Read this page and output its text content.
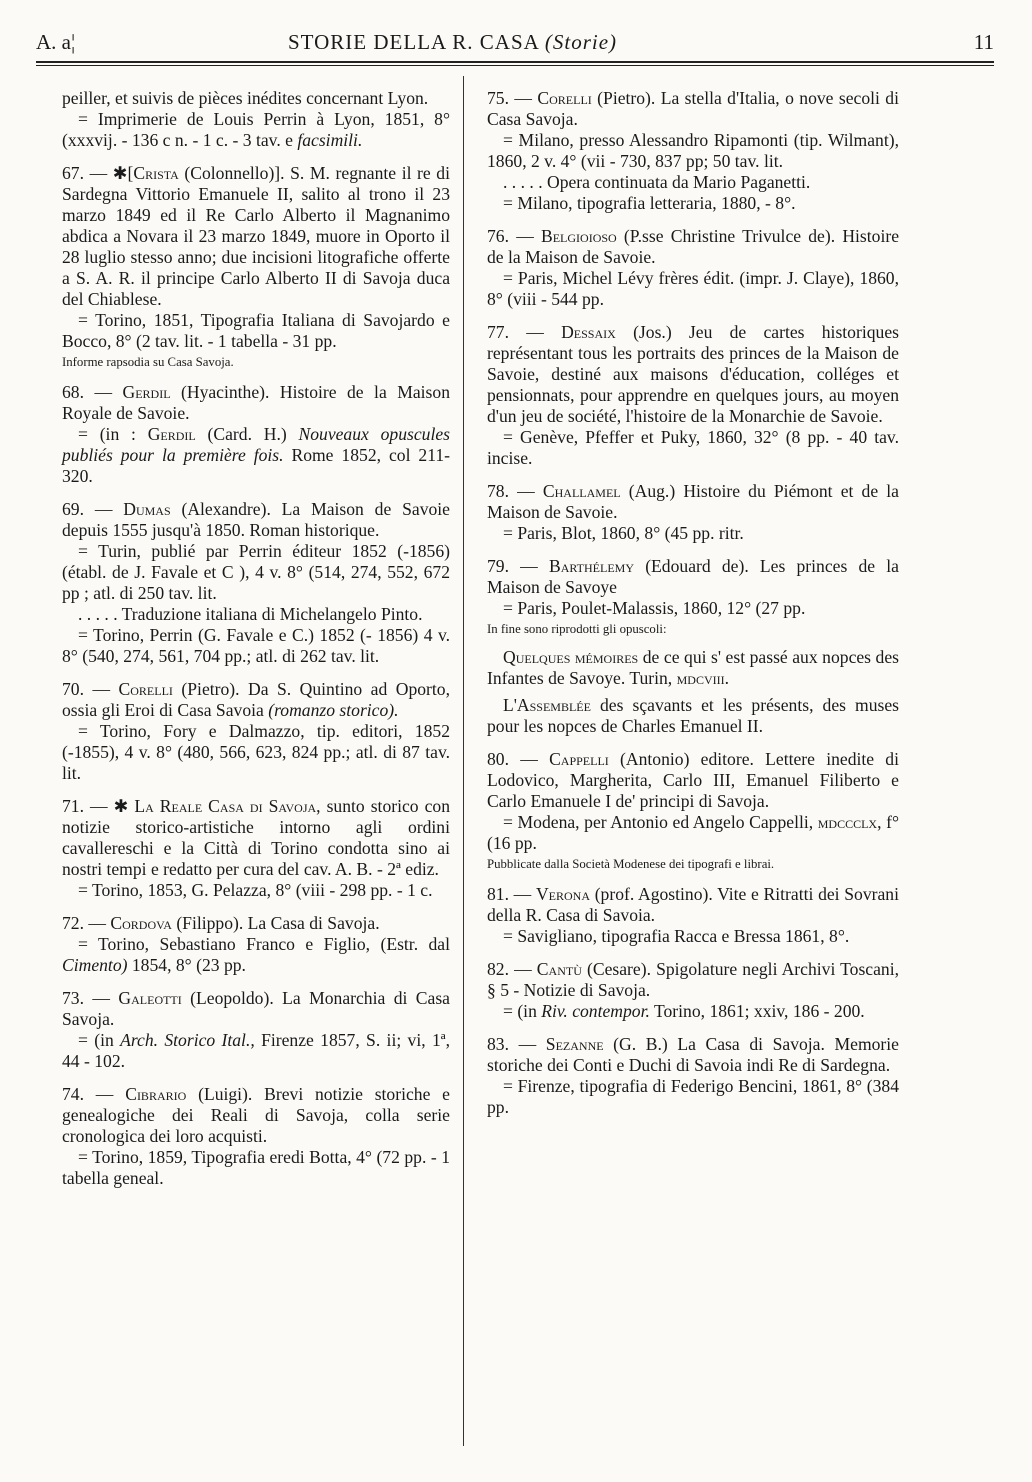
A. a¦	STORIE DELLA R. CASA (Storie)	11

peiller, et suivis de pièces inédites concernant Lyon.

= Imprimerie de Louis Perrin à Lyon, 1851, 8° (xxxvij. - 136 c n. - 1 c. - 3 tav. e facsimili.

67. — ✱[Crista (Colonnello)]. S. M. regnante il re di Sardegna Vittorio Emanuele II, salito al trono il 23 marzo 1849 ed il Re Carlo Alberto il Magnanimo abdica a Novara il 23 marzo 1849, muore in Oporto il 28 luglio stesso anno; due incisioni litografiche offerte a S. A. R. il principe Carlo Alberto II di Savoja duca del Chiablese.

= Torino, 1851, Tipografia Italiana di Savojardo e Bocco, 8° (2 tav. lit. - 1 tabella - 31 pp.

Informe rapsodia su Casa Savoja.

68. — Gerdil (Hyacinthe). Histoire de la Maison Royale de Savoie.

= (in : Gerdil (Card. H.) Nouveaux opuscules publiés pour la première fois. Rome 1852, col 211-320.

69. — Dumas (Alexandre). La Maison de Savoie depuis 1555 jusqu'à 1850. Roman historique.

= Turin, publié par Perrin éditeur 1852 (-1856) (établ. de J. Favale et C ), 4 v. 8° (514, 274, 552, 672 pp ; atl. di 250 tav. lit.

. . . . . Traduzione italiana di Michelangelo Pinto.

= Torino, Perrin (G. Favale e C.) 1852 (- 1856) 4 v. 8° (540, 274, 561, 704 pp.; atl. di 262 tav. lit.

70. — Corelli (Pietro). Da S. Quintino ad Oporto, ossia gli Eroi di Casa Savoia (romanzo storico).

= Torino, Fory e Dalmazzo, tip. editori, 1852 (-1855), 4 v. 8° (480, 566, 623, 824 pp.; atl. di 87 tav. lit.

71. — ✱ La Reale Casa di Savoja, sunto storico con notizie storico-artistiche intorno agli ordini cavallereschi e la Città di Torino condotta sino ai nostri tempi e redatto per cura del cav. A. B. - 2ª ediz.

= Torino, 1853, G. Pelazza, 8° (viii - 298 pp. - 1 c.

72. — Cordova (Filippo). La Casa di Savoja.

= Torino, Sebastiano Franco e Figlio, (Estr. dal Cimento) 1854, 8° (23 pp.

73. — Galeotti (Leopoldo). La Monarchia di Casa Savoja.

= (in Arch. Storico Ital., Firenze 1857, S. ii; vi, 1ª, 44 - 102.

74. — Cibrario (Luigi). Brevi notizie storiche e genealogiche dei Reali di Savoja, colla serie cronologica dei loro acquisti.

= Torino, 1859, Tipografia eredi Botta, 4° (72 pp. - 1 tabella geneal.

75. — Corelli (Pietro). La stella d'Italia, o nove secoli di Casa Savoja.

= Milano, presso Alessandro Ripamonti (tip. Wilmant), 1860, 2 v. 4° (vii - 730, 837 pp; 50 tav. lit.

. . . . . Opera continuata da Mario Paganetti.

= Milano, tipografia letteraria, 1880, - 8°.

76. — Belgioioso (P.sse Christine Trivulce de). Histoire de la Maison de Savoie.

= Paris, Michel Lévy frères édit. (impr. J. Claye), 1860, 8° (viii - 544 pp.

77. — Dessaix (Jos.) Jeu de cartes historiques représentant tous les portraits des princes de la Maison de Savoie, destiné aux maisons d'éducation, colléges et pensionnats, pour apprendre en quelques jours, au moyen d'un jeu de société, l'histoire de la Monarchie de Savoie.

= Genève, Pfeffer et Puky, 1860, 32° (8 pp. - 40 tav. incise.

78. — Challamel (Aug.) Histoire du Piémont et de la Maison de Savoie.

= Paris, Blot, 1860, 8° (45 pp. ritr.

79. — Barthélemy (Edouard de). Les princes de la Maison de Savoye

= Paris, Poulet-Malassis, 1860, 12° (27 pp.

In fine sono riprodotti gli opuscoli:

Quelques mémoires de ce qui s' est passé aux nopces des Infantes de Savoye. Turin, mdcviii.

L'Assemblée des sçavants et les présents, des muses pour les nopces de Charles Emanuel II.

80. — Cappelli (Antonio) editore. Lettere inedite di Lodovico, Margherita, Carlo III, Emanuel Filiberto e Carlo Emanuele I de' principi di Savoja.

= Modena, per Antonio ed Angelo Cappelli, mdccclx, f° (16 pp.

Pubblicate dalla Società Modenese dei tipografi e librai.

81. — Verona (prof. Agostino). Vite e Ritratti dei Sovrani della R. Casa di Savoia.

= Savigliano, tipografia Racca e Bressa 1861, 8°.

82. — Cantù (Cesare). Spigolature negli Archivi Toscani, § 5 - Notizie di Savoja.

= (in Riv. contempor. Torino, 1861; xxiv, 186 - 200.

83. — Sezanne (G. B.) La Casa di Savoja. Memorie storiche dei Conti e Duchi di Savoia indi Re di Sardegna.

= Firenze, tipografia di Federigo Bencini, 1861, 8° (384 pp.
